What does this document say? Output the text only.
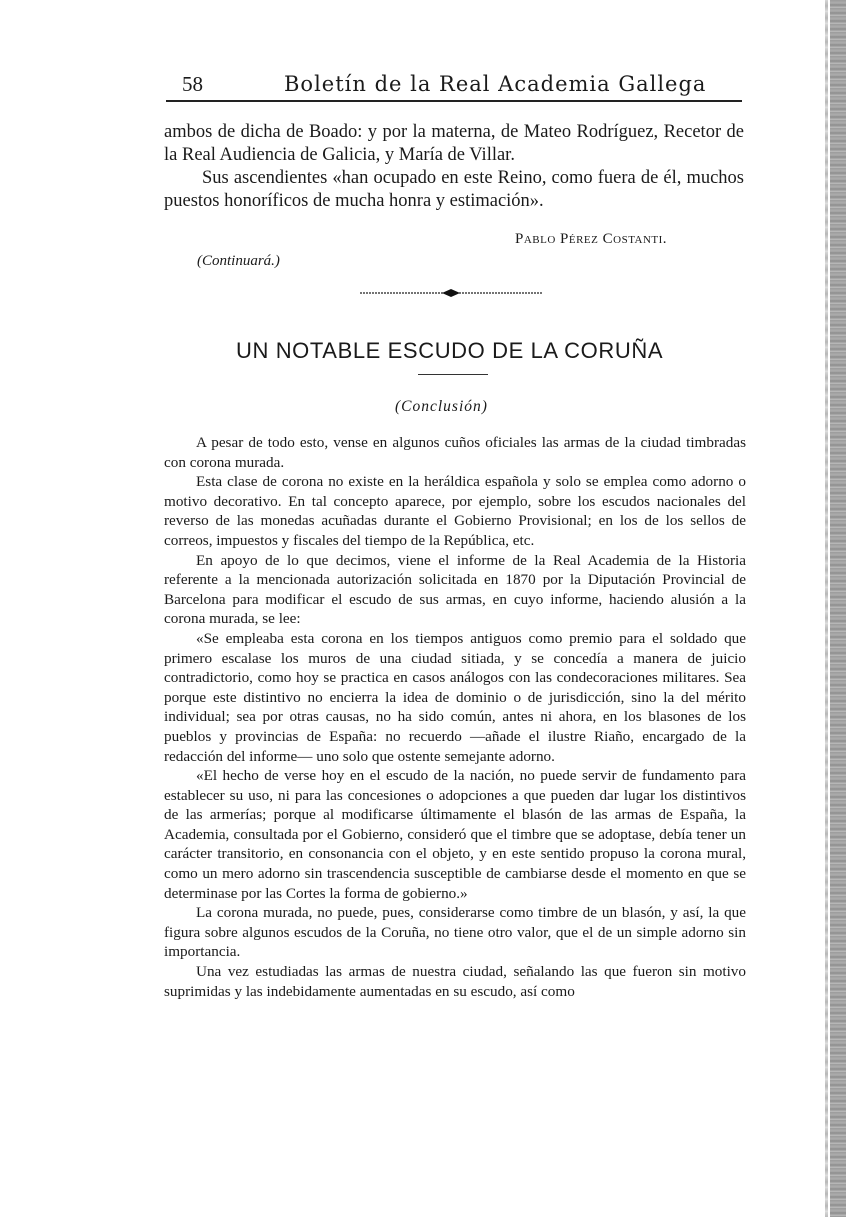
58	Boletín de la Real Academia Gallega

ambos de dicha de Boado: y por la materna, de Mateo Rodríguez, Recetor de la Real Audiencia de Galicia, y María de Villar.

Sus ascendientes «han ocupado en este Reino, como fuera de él, muchos puestos honoríficos de mucha honra y estimación».

Pablo Pérez Costanti.
(Continuará.)
UN NOTABLE ESCUDO DE LA CORUÑA
(Conclusión)

A pesar de todo esto, vense en algunos cuños oficiales las armas de la ciudad timbradas con corona murada.

Esta clase de corona no existe en la heráldica española y solo se emplea como adorno o motivo decorativo. En tal concepto aparece, por ejemplo, sobre los escudos nacionales del reverso de las monedas acuñadas durante el Gobierno Provisional; en los de los sellos de correos, impuestos y fiscales del tiempo de la República, etc.

En apoyo de lo que decimos, viene el informe de la Real Academia de la Historia referente a la mencionada autorización solicitada en 1870 por la Diputación Provincial de Barcelona para modificar el escudo de sus armas, en cuyo informe, haciendo alusión a la corona murada, se lee:

«Se empleaba esta corona en los tiempos antiguos como premio para el soldado que primero escalase los muros de una ciudad sitiada, y se concedía a manera de juicio contradictorio, como hoy se practica en casos análogos con las condecoraciones militares. Sea porque este distintivo no encierra la idea de dominio o de jurisdicción, sino la del mérito individual; sea por otras causas, no ha sido común, antes ni ahora, en los blasones de los pueblos y provincias de España: no recuerdo —añade el ilustre Riaño, encargado de la redacción del informe— uno solo que ostente semejante adorno.

«El hecho de verse hoy en el escudo de la nación, no puede servir de fundamento para establecer su uso, ni para las concesiones o adopciones a que pueden dar lugar los distintivos de las armerías; porque al modificarse últimamente el blasón de las armas de España, la Academia, consultada por el Gobierno, consideró que el timbre que se adoptase, debía tener un carácter transitorio, en consonancia con el objeto, y en este sentido propuso la corona mural, como un mero adorno sin trascendencia susceptible de cambiarse desde el momento en que se determinase por las Cortes la forma de gobierno.»

La corona murada, no puede, pues, considerarse como timbre de un blasón, y así, la que figura sobre algunos escudos de la Coruña, no tiene otro valor, que el de un simple adorno sin importancia.

Una vez estudiadas las armas de nuestra ciudad, señalando las que fueron sin motivo suprimidas y las indebidamente aumentadas en su escudo, así como
